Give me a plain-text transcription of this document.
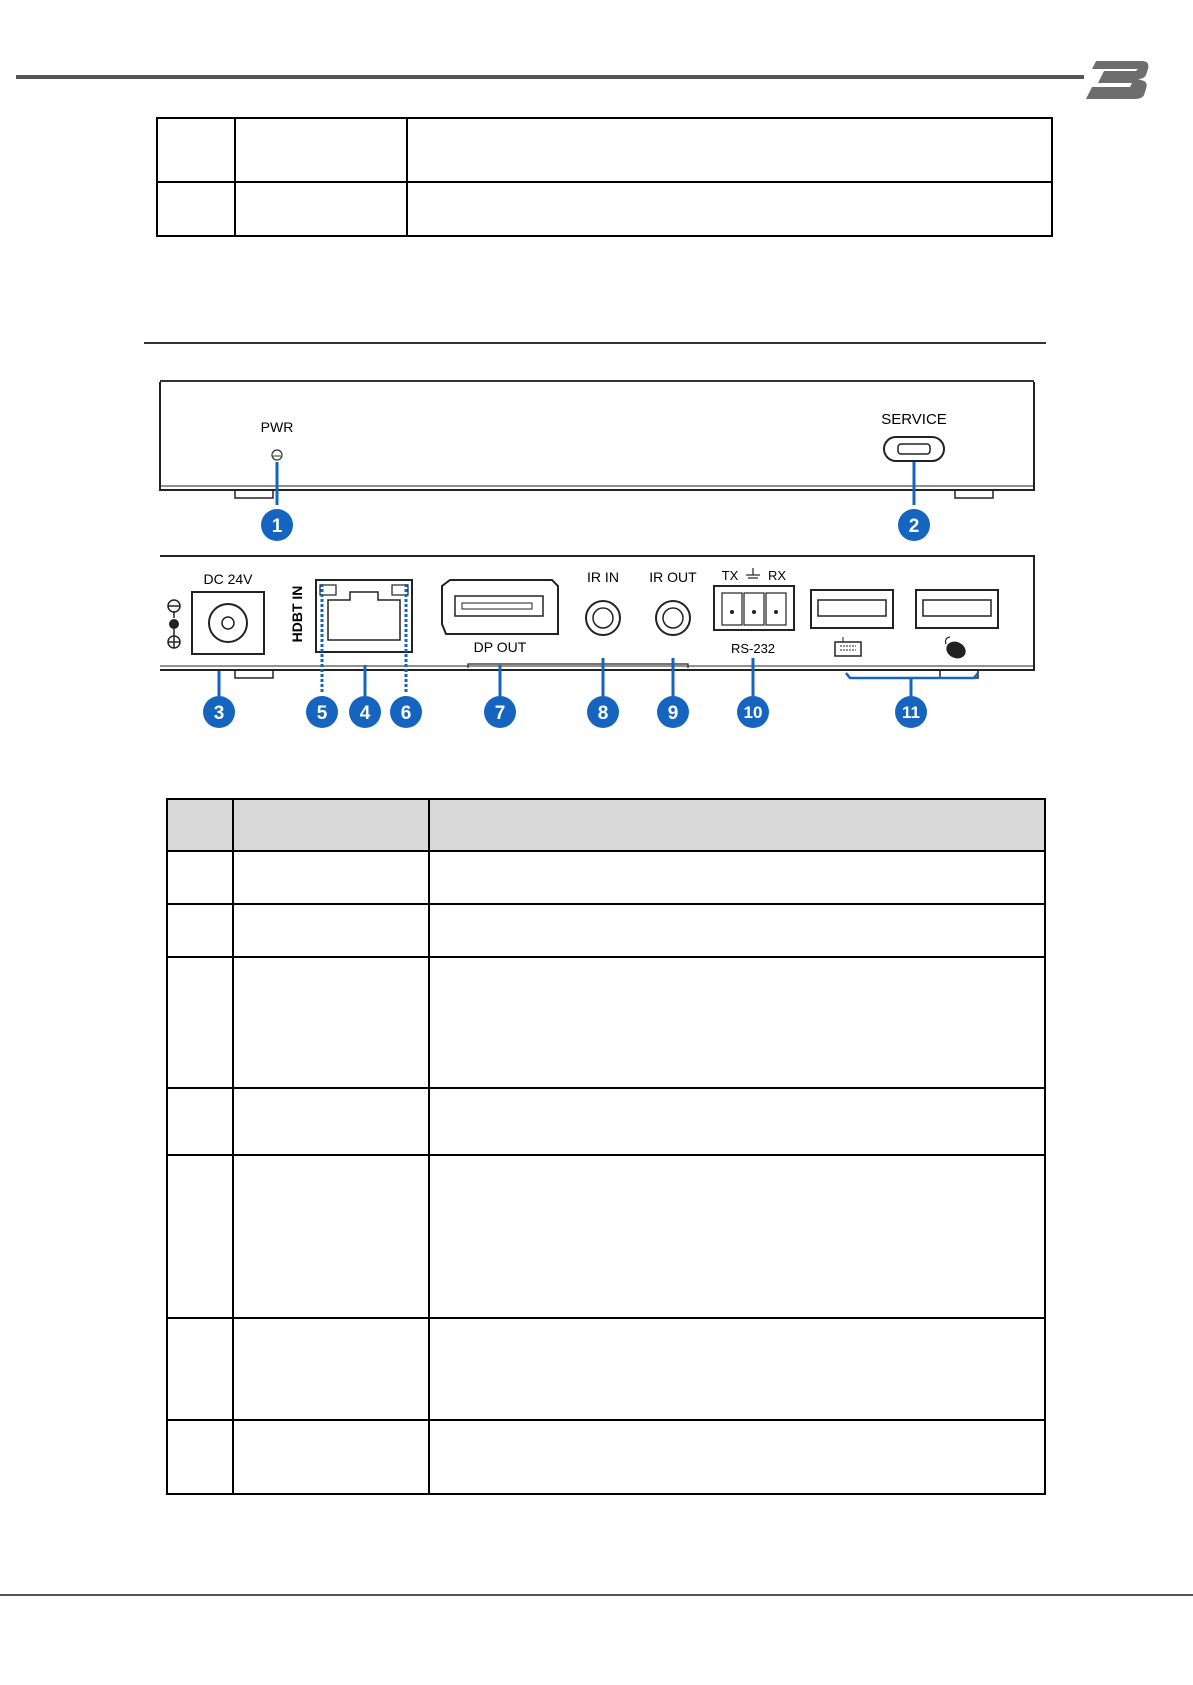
PWR	SERVICE
1	2
DC 24V
HDBT IN
DP OUT
IR IN IR OUT TX RX
RS-232
3	5 4 6	7	8	9	10	11
